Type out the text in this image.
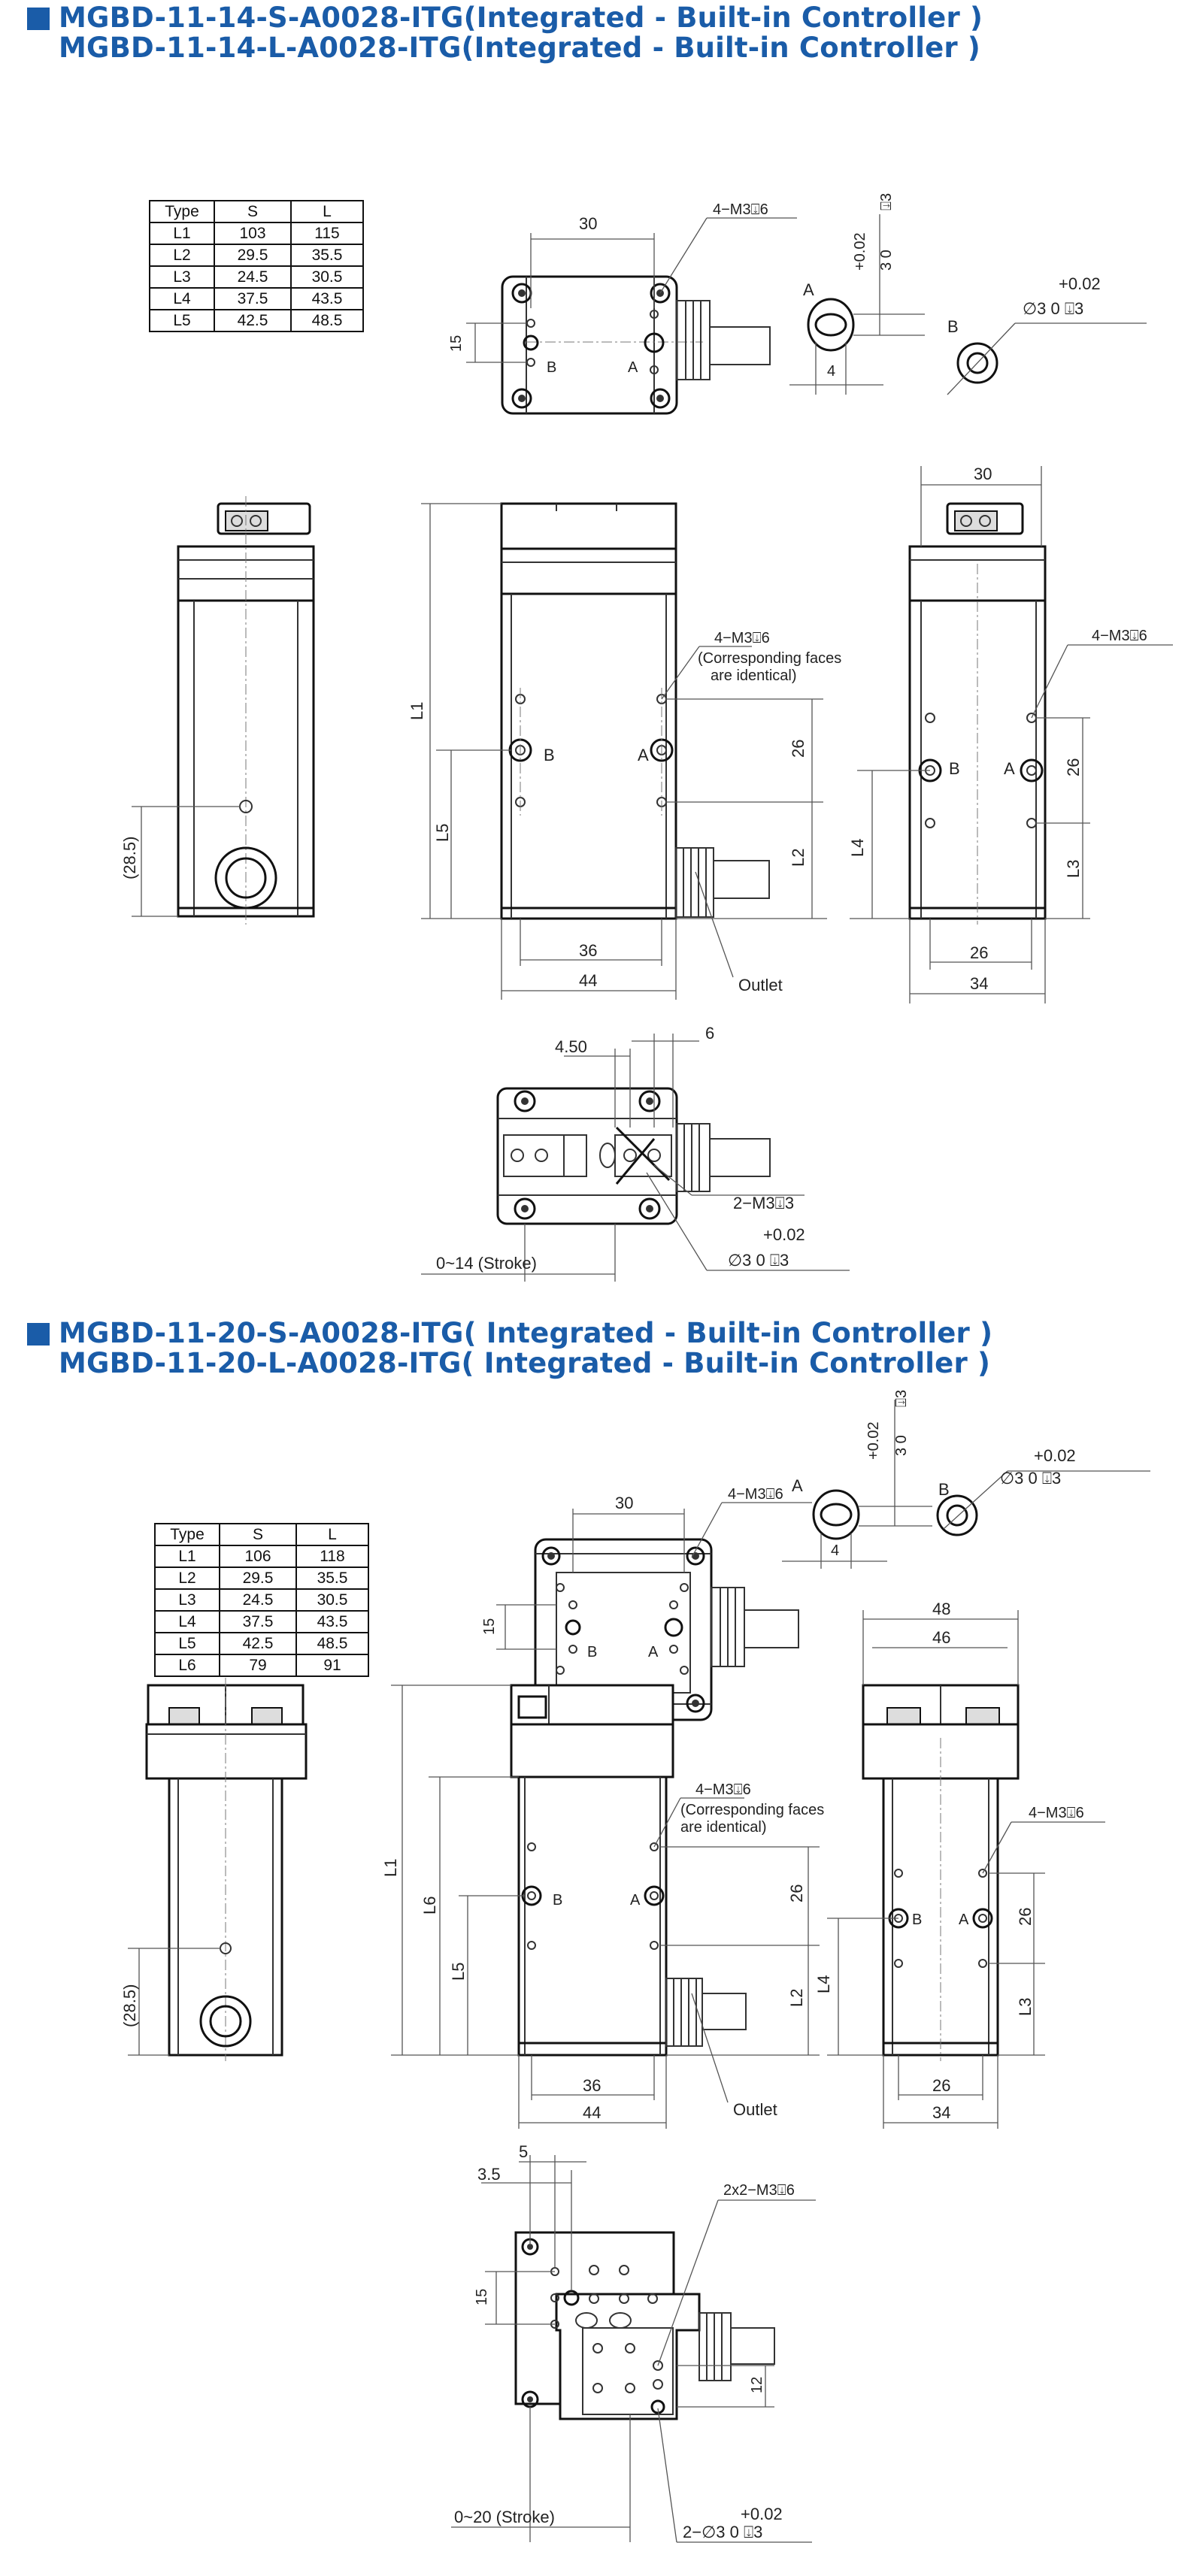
MGBD-11-14-S-A0028-ITG(Integrated - Built-in Controller )
MGBD-11-14-L-A0028-ITG(Integrated - Built-in Controller )
Type	S	L
L1	103	115
L2	29.5	35.5
L3	24.5	30.5
L4	37.5	43.5
L5	42.5	48.5
B	A
30
15
4−M3⍗6
A
+0.02 3 0
⍗3
4
B
+0.02
∅3 0 ⍗3
(28.5)
B	A
L1
L5
26
L2
4−M3⍗6
(Corresponding faces
are identical)
36
44	Outlet
B	A
30
4−M3⍗6
L4
26
L3
26
34
4.50
6
2−M3⍗3
+0.02
∅3 0 ⍗3
0~14 (Stroke)
MGBD-11-20-S-A0028-ITG( Integrated - Built-in Controller )
MGBD-11-20-L-A0028-ITG( Integrated - Built-in Controller )
Type	S	L
L1	106	118
L2	29.5	35.5
L3	24.5	30.5
L4	37.5	43.5
L5	42.5	48.5
L6	79	91
B	A
30
15
4−M3⍗6 A
+0.02 3 0
⍗3
4
B
+0.02
∅3 0 ⍗3
(28.5)
B	A
L1
L6
L5
26
L2
4−M3⍗6
(Corresponding faces
are identical)
36
44	Outlet
B A
48
46
4−M3⍗6
L4
26
L3
26
34
5
3.5
15
2x2−M3⍗6
12
+0.02
2−∅3 0 ⍗3
0~20 (Stroke)
